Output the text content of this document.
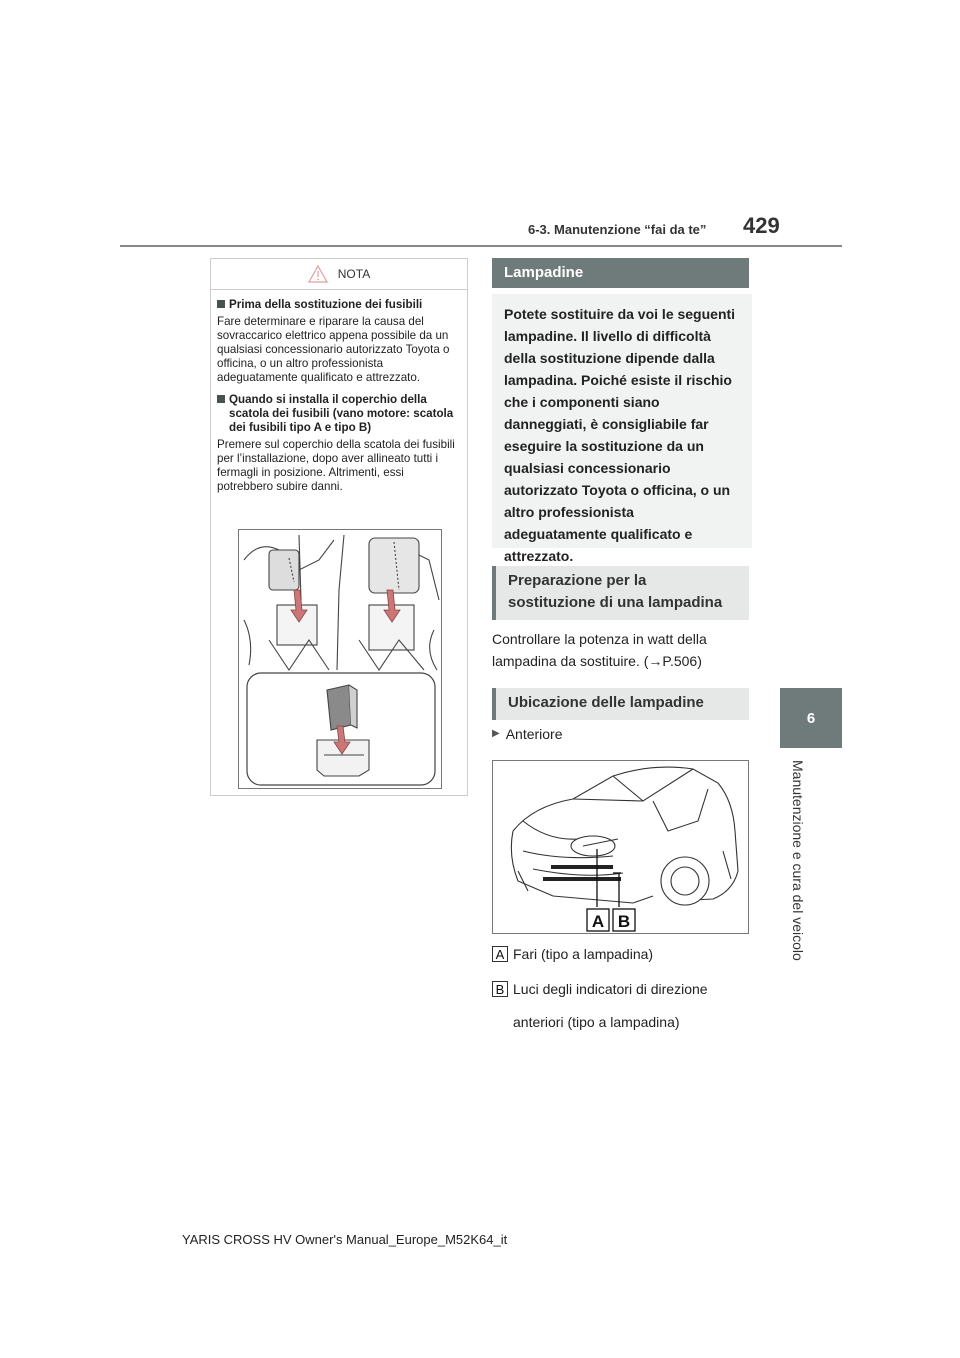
6-3. Manutenzione “fai da te” 429
6
Manutenzione e cura del veicolo
NOTA
Prima della sostituzione dei fusibili
Fare determinare e riparare la causa del sovraccarico elettrico appena possibile da un qualsiasi concessionario autorizzato Toyota o officina, o un altro professionista adeguatamente qualificato e attrezzato.
Quando si installa il coperchio della scatola dei fusibili (vano motore: scatola dei fusibili tipo A e tipo B)
Premere sul coperchio della scatola dei fusibili per l’installazione, dopo aver allineato tutti i fermagli in posizione. Altrimenti, essi potrebbero subire danni.
Lampadine
Potete sostituire da voi le seguenti lampadine. Il livello di difficoltà della sostituzione dipende dalla lampadina. Poiché esiste il rischio che i componenti siano danneggiati, è consigliabile far eseguire la sostituzione da un qualsiasi concessionario autorizzato Toyota o officina, o un altro professionista adeguatamente qualificato e attrezzato.
Preparazione per la sostituzione di una lampadina
Controllare la potenza in watt della lampadina da sostituire. (→P.506)
Ubicazione delle lampadine
▶ Anteriore
A B
A Fari (tipo a lampadina)
B Luci degli indicatori di direzione
anteriori (tipo a lampadina)
YARIS CROSS HV Owner's Manual_Europe_M52K64_it
